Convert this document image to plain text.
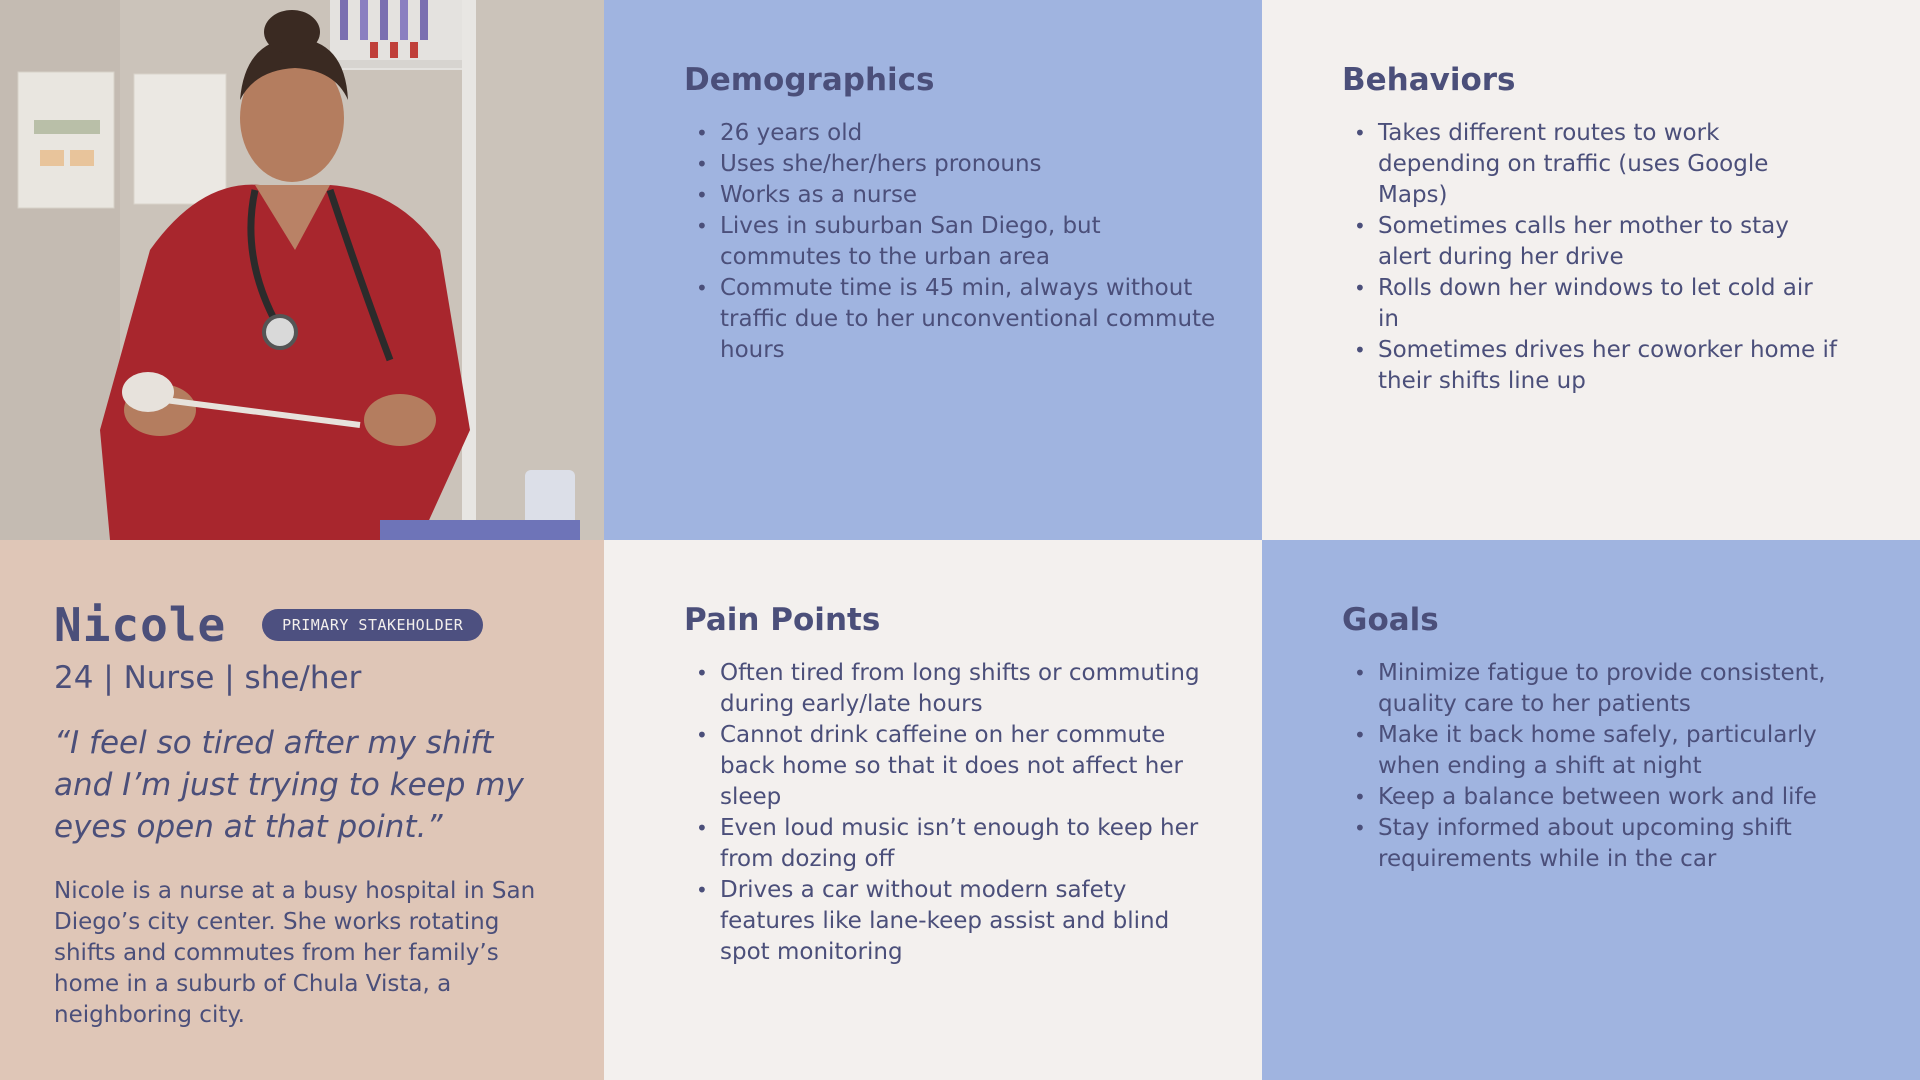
Nicole	PRIMARY STAKEHOLDER
24 | Nurse | she/her
“I feel so tired after my shift and I’m just trying to keep my eyes open at that point.”
Nicole is a nurse at a busy hospital in San Diego’s city center. She works rotating shifts and commutes from her family’s home in a suburb of Chula Vista, a neighboring city.
Demographics
• 26 years old
• Uses she/her/hers pronouns
• Works as a nurse
• Lives in suburban San Diego, but commutes to the urban area
• Commute time is 45 min, always without traffic due to her unconventional commute hours
Behaviors
• Takes different routes to work depending on traffic (uses Google Maps)
• Sometimes calls her mother to stay alert during her drive
• Rolls down her windows to let cold air in
• Sometimes drives her coworker home if their shifts line up
Pain Points
• Often tired from long shifts or commuting during early/late hours
• Cannot drink caffeine on her commute back home so that it does not affect her sleep
• Even loud music isn’t enough to keep her from dozing off
• Drives a car without modern safety features like lane-keep assist and blind spot monitoring
Goals
• Minimize fatigue to provide consistent, quality care to her patients
• Make it back home safely, particularly when ending a shift at night
• Keep a balance between work and life
• Stay informed about upcoming shift requirements while in the car
